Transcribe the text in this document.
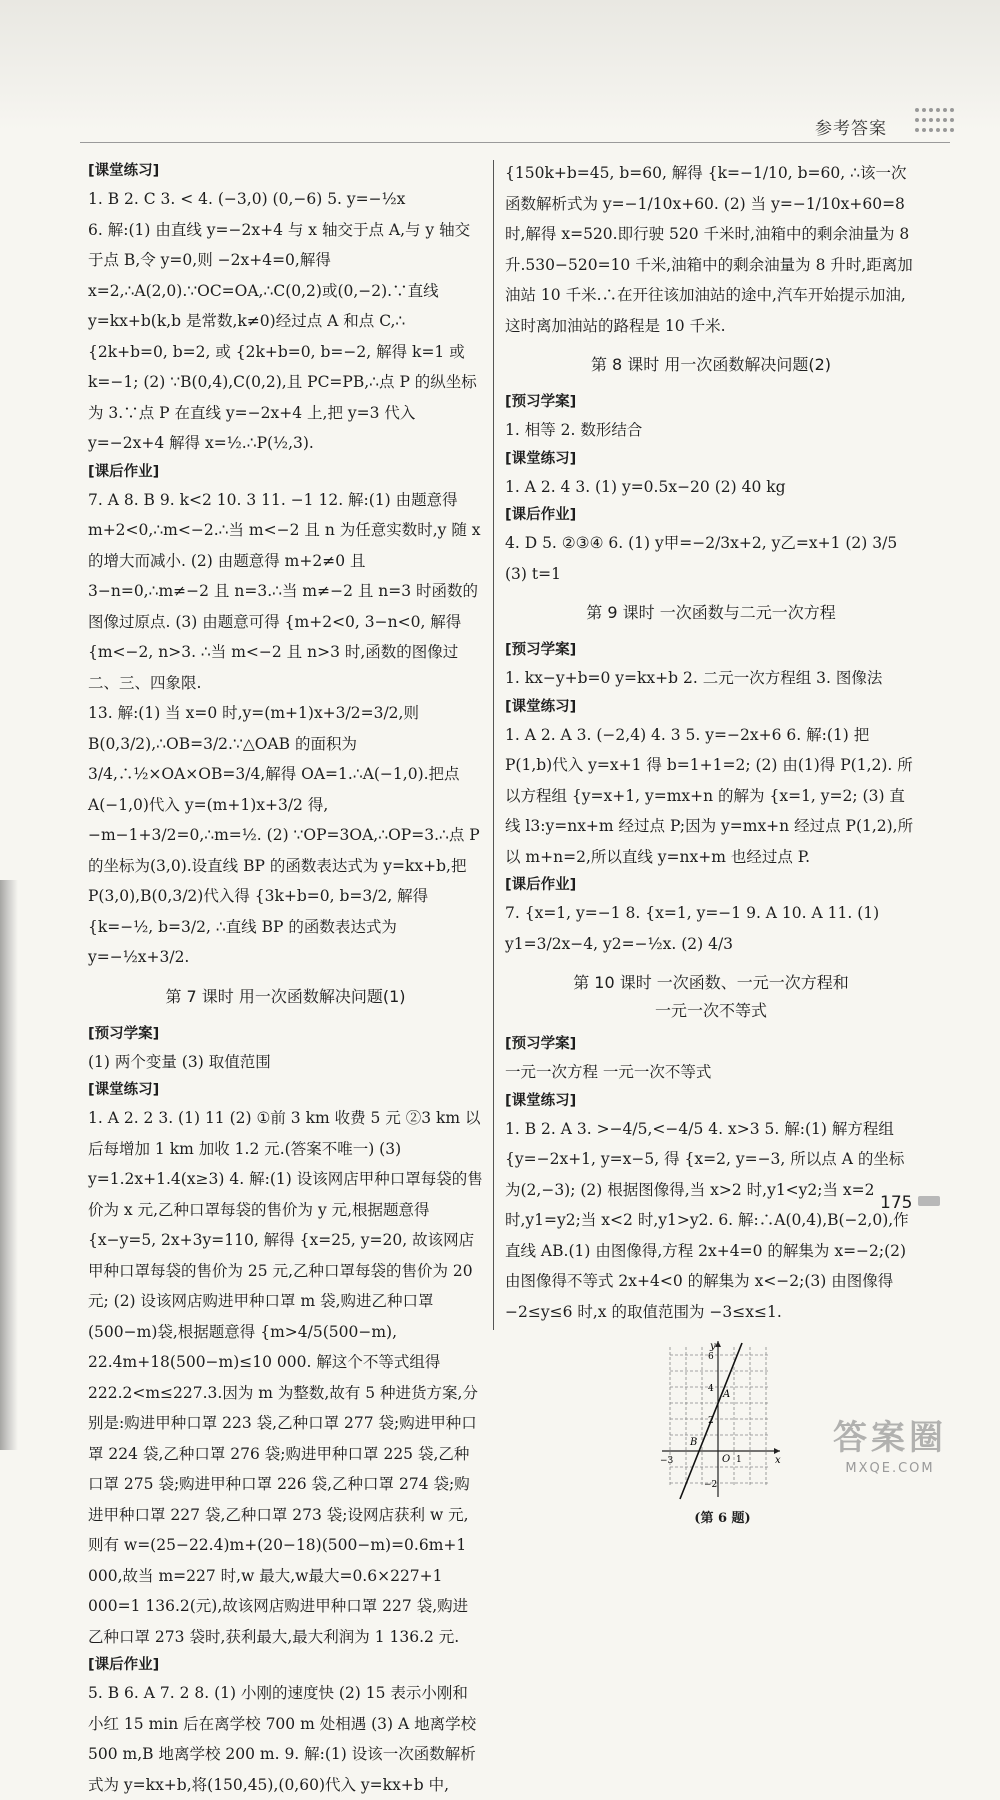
参考答案
[课堂练习]
1. B 2. C 3. < 4. (−3,0) (0,−6) 5. y=−½x
6. 解:(1) 由直线 y=−2x+4 与 x 轴交于点 A,与 y 轴交于点 B,令 y=0,则 −2x+4=0,解得 x=2,∴A(2,0).∵OC=OA,∴C(0,2)或(0,−2).∵直线 y=kx+b(k,b 是常数,k≠0)经过点 A 和点 C,∴ {2k+b=0, b=2, 或 {2k+b=0, b=−2, 解得 k=1 或 k=−1; (2) ∵B(0,4),C(0,2),且 PC=PB,∴点 P 的纵坐标为 3.∵点 P 在直线 y=−2x+4 上,把 y=3 代入 y=−2x+4 解得 x=½.∴P(½,3).
[课后作业]
7. A 8. B 9. k<2 10. 3 11. −1 12. 解:(1) 由题意得 m+2<0,∴m<−2.∴当 m<−2 且 n 为任意实数时,y 随 x 的增大而减小. (2) 由题意得 m+2≠0 且 3−n=0,∴m≠−2 且 n=3.∴当 m≠−2 且 n=3 时函数的图像过原点. (3) 由题意可得 {m+2<0, 3−n<0, 解得 {m<−2, n>3. ∴当 m<−2 且 n>3 时,函数的图像过二、三、四象限.
13. 解:(1) 当 x=0 时,y=(m+1)x+3/2=3/2,则 B(0,3/2),∴OB=3/2.∵△OAB 的面积为 3/4,∴½×OA×OB=3/4,解得 OA=1.∴A(−1,0).把点 A(−1,0)代入 y=(m+1)x+3/2 得,−m−1+3/2=0,∴m=½. (2) ∵OP=3OA,∴OP=3.∴点 P 的坐标为(3,0).设直线 BP 的函数表达式为 y=kx+b,把 P(3,0),B(0,3/2)代入得 {3k+b=0, b=3/2, 解得 {k=−½, b=3/2, ∴直线 BP 的函数表达式为 y=−½x+3/2.
第 7 课时 用一次函数解决问题(1)
[预习学案]
(1) 两个变量 (3) 取值范围
[课堂练习]
1. A 2. 2 3. (1) 11 (2) ①前 3 km 收费 5 元 ②3 km 以后每增加 1 km 加收 1.2 元.(答案不唯一) (3) y=1.2x+1.4(x≥3) 4. 解:(1) 设该网店甲种口罩每袋的售价为 x 元,乙种口罩每袋的售价为 y 元,根据题意得 {x−y=5, 2x+3y=110, 解得 {x=25, y=20, 故该网店甲种口罩每袋的售价为 25 元,乙种口罩每袋的售价为 20 元; (2) 设该网店购进甲种口罩 m 袋,购进乙种口罩(500−m)袋,根据题意得 {m>4/5(500−m), 22.4m+18(500−m)≤10 000. 解这个不等式组得 222.2<m≤227.3.因为 m 为整数,故有 5 种进货方案,分别是:购进甲种口罩 223 袋,乙种口罩 277 袋;购进甲种口罩 224 袋,乙种口罩 276 袋;购进甲种口罩 225 袋,乙种口罩 275 袋;购进甲种口罩 226 袋,乙种口罩 274 袋;购进甲种口罩 227 袋,乙种口罩 273 袋;设网店获利 w 元,则有 w=(25−22.4)m+(20−18)(500−m)=0.6m+1 000,故当 m=227 时,w 最大,w最大=0.6×227+1 000=1 136.2(元),故该网店购进甲种口罩 227 袋,购进乙种口罩 273 袋时,获利最大,最大利润为 1 136.2 元.
[课后作业]
5. B 6. A 7. 2 8. (1) 小刚的速度快 (2) 15 表示小刚和小红 15 min 后在离学校 700 m 处相遇 (3) A 地离学校 500 m,B 地离学校 200 m. 9. 解:(1) 设该一次函数解析式为 y=kx+b,将(150,45),(0,60)代入 y=kx+b 中,
{150k+b=45, b=60, 解得 {k=−1/10, b=60, ∴该一次函数解析式为 y=−1/10x+60. (2) 当 y=−1/10x+60=8 时,解得 x=520.即行驶 520 千米时,油箱中的剩余油量为 8 升.530−520=10 千米,油箱中的剩余油量为 8 升时,距离加油站 10 千米.∴在开往该加油站的途中,汽车开始提示加油,这时离加油站的路程是 10 千米.
第 8 课时 用一次函数解决问题(2)
[预习学案]
1. 相等 2. 数形结合
[课堂练习]
1. A 2. 4 3. (1) y=0.5x−20 (2) 40 kg
[课后作业]
4. D 5. ②③④ 6. (1) y甲=−2/3x+2, y乙=x+1 (2) 3/5 (3) t=1
第 9 课时 一次函数与二元一次方程
[预习学案]
1. kx−y+b=0 y=kx+b 2. 二元一次方程组 3. 图像法
[课堂练习]
1. A 2. A 3. (−2,4) 4. 3 5. y=−2x+6 6. 解:(1) 把 P(1,b)代入 y=x+1 得 b=1+1=2; (2) 由(1)得 P(1,2). 所以方程组 {y=x+1, y=mx+n 的解为 {x=1, y=2; (3) 直线 l3:y=nx+m 经过点 P;因为 y=mx+n 经过点 P(1,2),所以 m+n=2,所以直线 y=nx+m 也经过点 P.
[课后作业]
7. {x=1, y=−1 8. {x=1, y=−1 9. A 10. A 11. (1) y1=3/2x−4, y2=−½x. (2) 4/3
第 10 课时 一次函数、一元一次方程和
一元一次不等式
[预习学案]
一元一次方程 一元一次不等式
[课堂练习]
1. B 2. A 3. >−4/5,<−4/5 4. x>3 5. 解:(1) 解方程组 {y=−2x+1, y=x−5, 得 {x=2, y=−3, 所以点 A 的坐标为(2,−3); (2) 根据图像得,当 x>2 时,y1<y2;当 x=2 时,y1=y2;当 x<2 时,y1>y2. 6. 解:∴A(0,4),B(−2,0),作直线 AB.(1) 由图像得,方程 2x+4=0 的解集为 x=−2;(2) 由图像得不等式 2x+4<0 的解集为 x<−2;(3) 由图像得 −2≤y≤6 时,x 的取值范围为 −3≤x≤1.
y
x
A
B
O
6
4
2
−2
−3	1
(第 6 题)
175
答案圈
MXQE.COM
